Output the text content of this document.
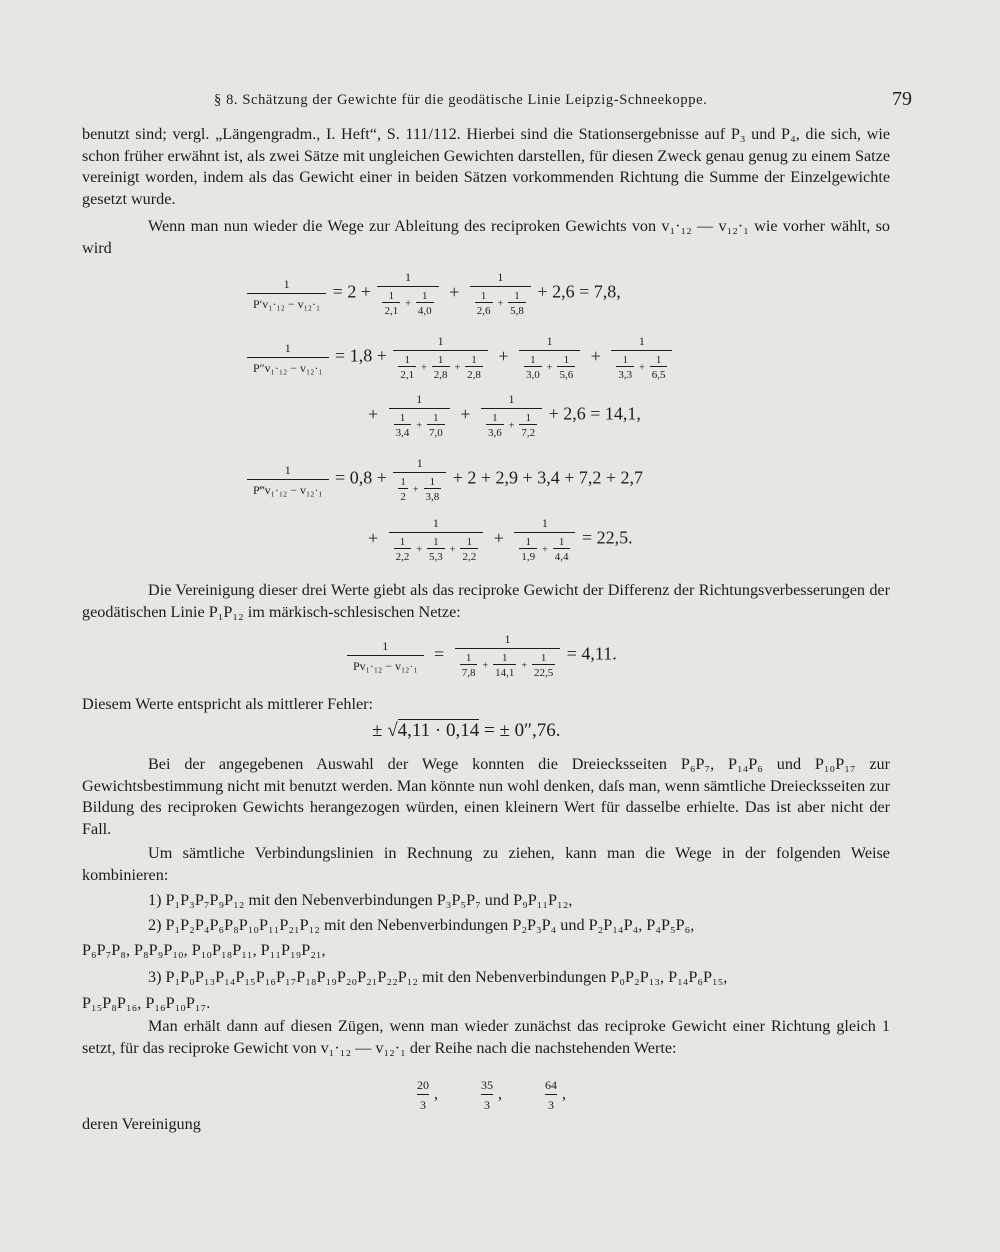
§ 8. Schätzung der Gewichte für die geodätische Linie Leipzig-Schneekoppe.	79

benutzt sind; vergl. „Längengradm., I. Heft“, S. 111/112. Hierbei sind die Stationsergebnisse auf P₃ und P₄, die sich, wie schon früher erwähnt ist, als zwei Sätze mit ungleichen Gewichten darstellen, für diesen Zweck genau genug zu einem Satze vereinigt worden, indem als das Gewicht einer in beiden Sätzen vorkommenden Richtung die Summe der Einzelgewichte gesetzt wurde.

Wenn man nun wieder die Wege zur Ableitung des reciproken Gewichts von v₁·₁₂ — v₁₂·₁ wie vorher wählt, so wird

$\frac{1}{\text{P′v₁·₁₂ − v₁₂·₁}} = 2 + \frac{1}{\frac{1}{2,1} + \frac{1}{4,0}} + \frac{1}{\frac{1}{2,6} + \frac{1}{5,8}} + 2,6 = 7,8$,
$\frac{1}{\text{P″v₁·₁₂ − v₁₂·₁}} = 1,8 + \frac{1}{\frac{1}{2,1} + \frac{1}{2,8} + \frac{1}{2,8}} + \frac{1}{\frac{1}{3,0} + \frac{1}{5,6}} + \frac{1}{\frac{1}{3,3} + \frac{1}{6,5}}$
+ $\frac{1}{\frac{1}{3,4} + \frac{1}{7,0}} + \frac{1}{\frac{1}{3,6} + \frac{1}{7,2}} + 2,6 = 14,1$,
$\frac{1}{\text{P‴v₁·₁₂ − v₁₂·₁}} = 0,8 + \frac{1}{\frac{1}{2} + \frac{1}{3,8}} + 2 + 2,9 + 3,4 + 7,2 + 2,7$
+ $\frac{1}{\frac{1}{2,2} + \frac{1}{5,3} + \frac{1}{2,2}} + \frac{1}{\frac{1}{1,9} + \frac{1}{4,4}} = 22,5$.

Die Vereinigung dieser drei Werte giebt als das reciproke Gewicht der Differenz der Richtungsverbesserungen der geodätischen Linie P₁P₁₂ im märkisch-schlesischen Netze:

$\frac{1}{\text{Pv₁·₁₂ − v₁₂·₁}} = \frac{1}{\frac{1}{7,8} + \frac{1}{14,1} + \frac{1}{22,5}} = 4,11$.

Diesem Werte entspricht als mittlerer Fehler:

± √4,11 · 0,14 = ± 0″,76.

Bei der angegebenen Auswahl der Wege konnten die Dreiecksseiten P₆P₇, P₁₄P₆ und P₁₀P₁₇ zur Gewichtsbestimmung nicht mit benutzt werden. Man könnte nun wohl denken, daſs man, wenn sämtliche Dreiecksseiten zur Bildung des reciproken Gewichts herangezogen würden, einen kleinern Wert für dasselbe erhielte. Das ist aber nicht der Fall.

Um sämtliche Verbindungslinien in Rechnung zu ziehen, kann man die Wege in der folgenden Weise kombinieren:

1) P₁P₃P₇P₉P₁₂ mit den Nebenverbindungen P₃P₅P₇ und P₉P₁₁P₁₂,
2) P₁P₂P₄P₆P₈P₁₀P₁₁P₂₁P₁₂ mit den Nebenverbindungen P₂P₃P₄ und P₂P₁₄P₄, P₄P₅P₆,
P₆P₇P₈, P₈P₉P₁₀, P₁₀P₁₈P₁₁, P₁₁P₁₉P₂₁,
3) P₁P₀P₁₃P₁₄P₁₅P₁₆P₁₇P₁₈P₁₉P₂₀P₂₁P₂₂P₁₂ mit den Nebenverbindungen P₀P₂P₁₃, P₁₄P₆P₁₅,
P₁₅P₈P₁₆, P₁₆P₁₀P₁₇.

Man erhält dann auf diesen Zügen, wenn man wieder zunächst das reciproke Gewicht einer Richtung gleich 1 setzt, für das reciproke Gewicht von v₁·₁₂ — v₁₂·₁ der Reihe nach die nachstehenden Werte:

$\frac{20}{3}$ ,	$\frac{35}{3}$ ,	$\frac{64}{3}$ ,
deren Vereinigung
